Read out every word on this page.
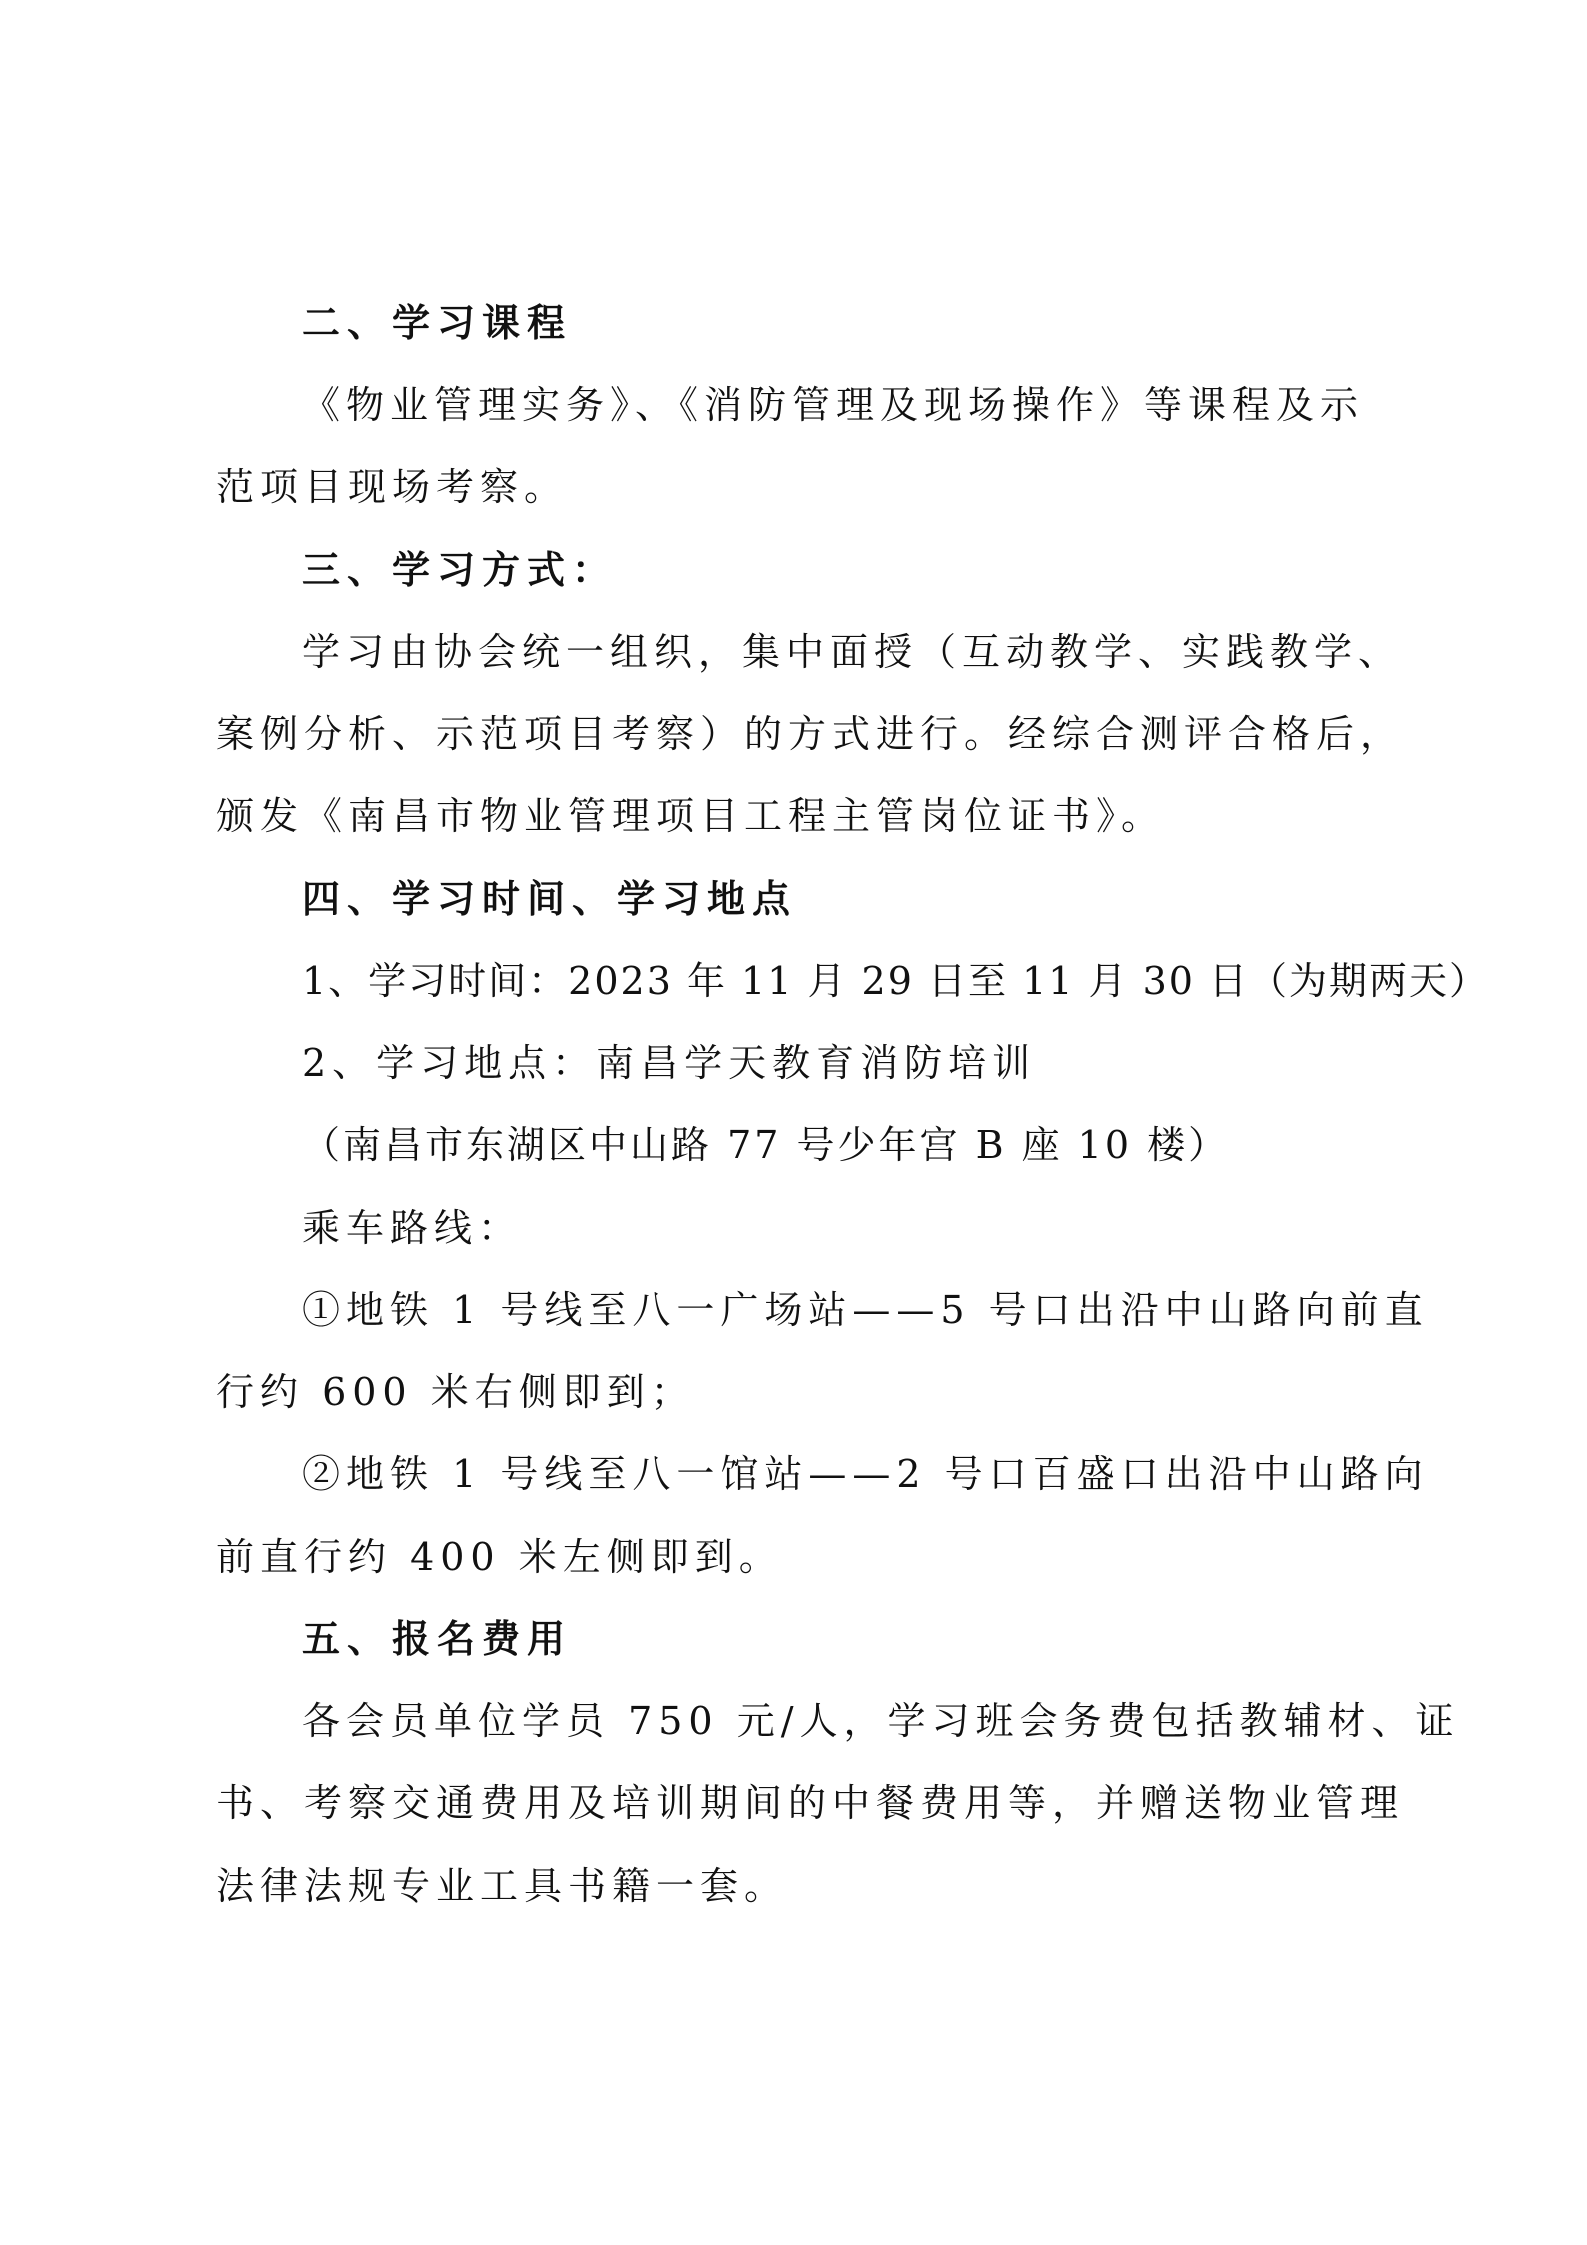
二、学习课程
《物业管理实务》、《消防管理及现场操作》等课程及示
范项目现场考察。
三、学习方式：
学习由协会统一组织，集中面授（互动教学、实践教学、
案例分析、示范项目考察）的方式进行。经综合测评合格后，
颁发《南昌市物业管理项目工程主管岗位证书》。
四、学习时间、学习地点
1、学习时间：2023 年 11 月 29 日至 11 月 30 日（为期两天）
2、学习地点：南昌学天教育消防培训
（南昌市东湖区中山路 77 号少年宫 B 座 10 楼）
乘车路线：
①地铁 1 号线至八一广场站——5 号口出沿中山路向前直
行约 600 米右侧即到；
②地铁 1 号线至八一馆站——2 号口百盛口出沿中山路向
前直行约 400 米左侧即到。
五、报名费用
各会员单位学员 750 元/人，学习班会务费包括教辅材、证
书、考察交通费用及培训期间的中餐费用等，并赠送物业管理
法律法规专业工具书籍一套。
